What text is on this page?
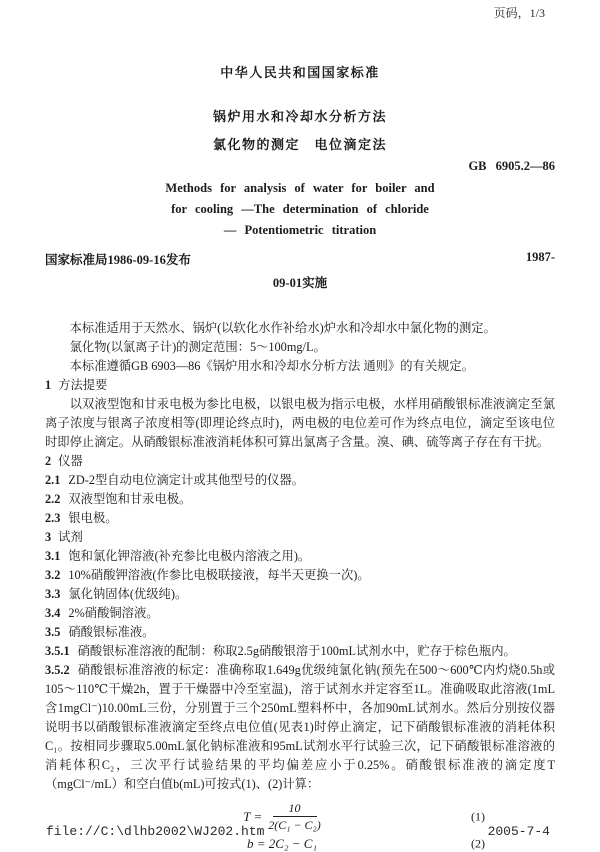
页码，1/3

中华人民共和国国家标准

锅炉用水和冷却水分析方法

氯化物的测定　电位滴定法

GB 6905.2—86

Methods for analysis of water for boiler and

for cooling —The determination of chloride

— Potentiometric titration

国家标准局1986-09-16发布	1987-

09-01实施

本标准适用于天然水、锅炉(以软化水作补给水)炉水和冷却水中氯化物的测定。

氯化物(以氯离子计)的测定范围：5～100mg/L。

本标准遵循GB 6903—86《锅炉用水和冷却水分析方法 通则》的有关规定。

1 方法提要

以双液型饱和甘汞电极为参比电极，以银电极为指示电极，水样用硝酸银标准液滴定至氯离子浓度与银离子浓度相等(即理论终点时)，两电极的电位差可作为终点电位，滴定至该电位时即停止滴定。从硝酸银标准液消耗体积可算出氯离子含量。溴、碘、硫等离子存在有干扰。

2 仪器

2.1 ZD-2型自动电位滴定计或其他型号的仪器。

2.2 双液型饱和甘汞电极。

2.3 银电极。

3 试剂

3.1 饱和氯化钾溶液(补充参比电极内溶液之用)。

3.2 10%硝酸钾溶液(作参比电极联接液，每半天更换一次)。

3.3 氯化钠固体(优级纯)。

3.4 2%硝酸铜溶液。

3.5 硝酸银标准液。

3.5.1 硝酸银标准溶液的配制：称取2.5g硝酸银溶于100mL试剂水中，贮存于棕色瓶内。

3.5.2 硝酸银标准溶液的标定：准确称取1.649g优级纯氯化钠(预先在500～600℃内灼烧0.5h或105～110℃干燥2h，置于干燥器中冷至室温)，溶于试剂水并定容至1L。准确吸取此溶液(1mL含1mgCl⁻)10.00mL三份，分别置于三个250mL塑料杯中，各加90mL试剂水。然后分别按仪器说明书以硝酸银标准液滴定至终点电位值(见表1)时停止滴定，记下硝酸银标准液的消耗体积C₁。按相同步骤取5.00mL氯化钠标准液和95mL试剂水平行试验三次，记下硝酸银标准溶液的消耗体积C₂，三次平行试验结果的平均偏差应小于0.25%。硝酸银标准液的滴定度T（mgCl⁻/mL）和空白值b(mL)可按式(1)、(2)计算：

$T = \frac{10}{\text{2(C₁ − C₂)}}$	(1)
b = 2C₂ − C₁	(2)
file://C:\dlhb2002\WJ202.htm	2005-7-4
